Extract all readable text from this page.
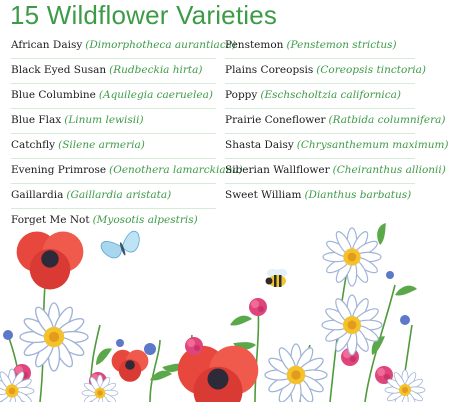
15 Wildflower Varieties
African Daisy (Dimorphotheca aurantiaca)
Black Eyed Susan (Rudbeckia hirta)
Blue Columbine (Aquilegia caeruelea)
Blue Flax (Linum lewisii)
Catchfly (Silene armeria)
Evening Primrose (Oenothera lamarckiana)
Gaillardia (Gaillardia aristata)
Forget Me Not (Myosotis alpestris)
Penstemon (Penstemon strictus)
Plains Coreopsis (Coreopsis tinctoria)
Poppy (Eschscholtzia californica)
Prairie Coneflower (Ratbida columnifera)
Shasta Daisy (Chrysanthemum maximum)
Siberian Wallflower (Cheiranthus allionii)
Sweet William (Dianthus barbatus)
